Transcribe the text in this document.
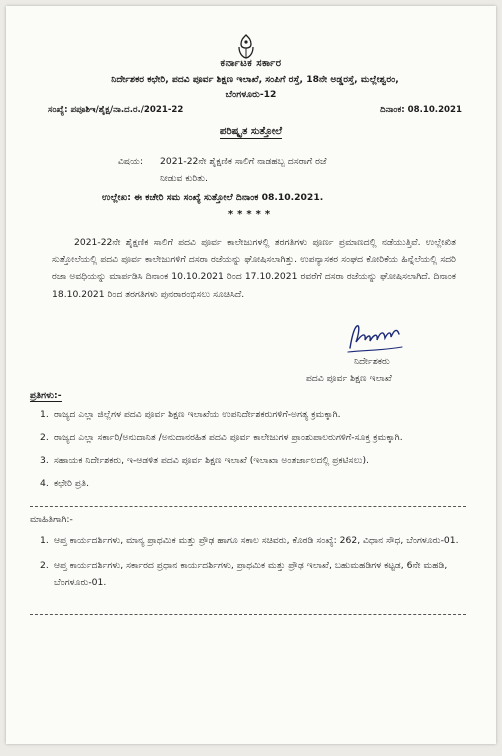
ಕರ್ನಾಟಕ ಸರ್ಕಾರ
ನಿರ್ದೇಶಕರ ಕಛೇರಿ, ಪದವಿ ಪೂರ್ವ ಶಿಕ್ಷಣ ಇಲಾಖೆ, ಸಂಪಿಗೆ ರಸ್ತೆ, 18ನೇ ಅಡ್ಡರಸ್ತೆ, ಮಲ್ಲೇಶ್ವರಂ,
ಬೆಂಗಳೂರು-12
ಸಂಖ್ಯೆ: ಪಪೂಶಿಇ/ಶೈಕ್ಷ/ನಾ.ದ.ರ./2021-22	ದಿನಾಂಕ: 08.10.2021
ಪರಿಷ್ಕೃತ ಸುತ್ತೋಲೆ
ವಿಷಯ: 2021-22ನೇ ಶೈಕ್ಷಣಿಕ ಸಾಲಿಗೆ ನಾಡಹಬ್ಬ ದಸರಾಗೆ ರಜೆ
ನೀಡುವ ಕುರಿತು.
ಉಲ್ಲೇಖ: ಈ ಕಚೇರಿ ಸಮ ಸಂಖ್ಯೆ ಸುತ್ತೋಲೆ ದಿನಾಂಕ 08.10.2021.
*****
2021-22ನೇ ಶೈಕ್ಷಣಿಕ ಸಾಲಿಗೆ ಪದವಿ ಪೂರ್ವ ಕಾಲೇಜುಗಳಲ್ಲಿ ತರಗತಿಗಳು ಪೂರ್ಣ ಪ್ರಮಾಣದಲ್ಲಿ ನಡೆಯುತ್ತಿವೆ. ಉಲ್ಲೇಖಿತ ಸುತ್ತೋಲೆಯಲ್ಲಿ ಪದವಿ ಪೂರ್ವ ಕಾಲೇಜುಗಳಿಗೆ ದಸರಾ ರಜೆಯನ್ನು ಘೋಷಿಸಲಾಗಿತ್ತು. ಉಪನ್ಯಾಸಕರ ಸಂಘದ ಕೋರಿಕೆಯ ಹಿನ್ನೆಲೆಯಲ್ಲಿ ಸದರಿ ರಜಾ ಅವಧಿಯನ್ನು ಮಾರ್ಪಡಿಸಿ ದಿನಾಂಕ 10.10.2021 ರಿಂದ 17.10.2021 ರವರೆಗೆ ದಸರಾ ರಜೆಯನ್ನು ಘೋಷಿಸಲಾಗಿದೆ. ದಿನಾಂಕ 18.10.2021 ರಿಂದ ತರಗತಿಗಳು ಪುನರಾರಂಭಿಸಲು ಸೂಚಿಸಿದೆ.
ನಿರ್ದೇಶಕರು
ಪದವಿ ಪೂರ್ವ ಶಿಕ್ಷಣ ಇಲಾಖೆ
ಪ್ರತಿಗಳು:-
1. ರಾಜ್ಯದ ಎಲ್ಲಾ ಜಿಲ್ಲೆಗಳ ಪದವಿ ಪೂರ್ವ ಶಿಕ್ಷಣ ಇಲಾಖೆಯ ಉಪನಿರ್ದೇಶಕರುಗಳಿಗೆ-ಅಗತ್ಯ ಕ್ರಮಕ್ಕಾಗಿ.
2. ರಾಜ್ಯದ ಎಲ್ಲಾ ಸರ್ಕಾರಿ/ಅನುದಾನಿತ /ಅನುದಾನರಹಿತ ಪದವಿ ಪೂರ್ವ ಕಾಲೇಜುಗಳ ಪ್ರಾಂಶುಪಾಲರುಗಳಿಗೆ-ಸೂಕ್ತ ಕ್ರಮಕ್ಕಾಗಿ.
3. ಸಹಾಯಕ ನಿರ್ದೇಶಕರು, ಇ-ಆಡಳಿತ ಪದವಿ ಪೂರ್ವ ಶಿಕ್ಷಣ ಇಲಾಖೆ (ಇಲಾಖಾ ಅಂತರ್ಜಾಲದಲ್ಲಿ ಪ್ರಕಟಿಸಲು).
4. ಕಛೇರಿ ಪ್ರತಿ.
ಮಾಹಿತಿಗಾಗಿ:-
1. ಆಪ್ತ ಕಾರ್ಯದರ್ಶಿಗಳು, ಮಾನ್ಯ ಪ್ರಾಥಮಿಕ ಮತ್ತು ಪ್ರೌಢ ಹಾಗೂ ಸಕಾಲ ಸಚಿವರು, ಕೊಠಡಿ ಸಂಖ್ಯೆ: 262, ವಿಧಾನ ಸೌಧ, ಬೆಂಗಳೂರು-01.
2. ಆಪ್ತ ಕಾರ್ಯದರ್ಶಿಗಳು, ಸರ್ಕಾರದ ಪ್ರಧಾನ ಕಾರ್ಯದರ್ಶಿಗಳು, ಪ್ರಾಥಮಿಕ ಮತ್ತು ಪ್ರೌಢ ಇಲಾಖೆ, ಬಹುಮಹಡಿಗಳ ಕಟ್ಟಡ, 6ನೇ ಮಹಡಿ, ಬೆಂಗಳೂರು-01.
